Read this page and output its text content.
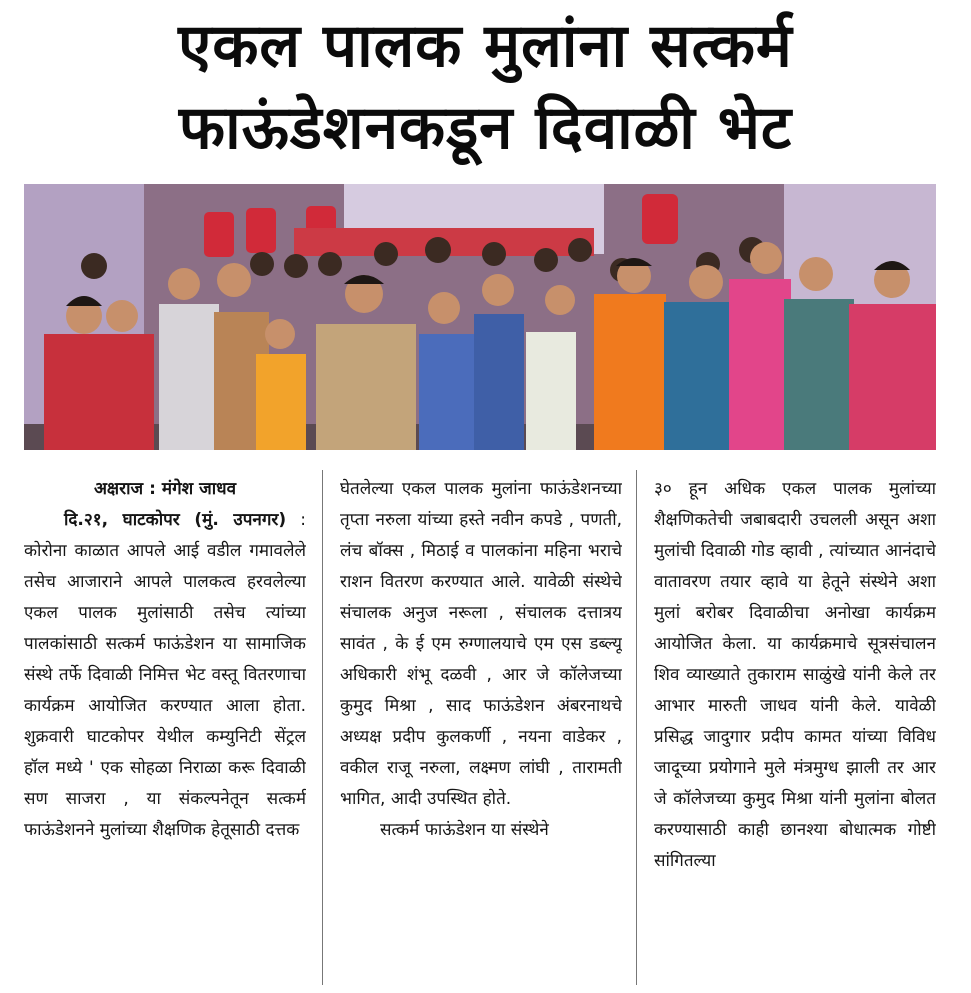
एकल पालक मुलांना सत्कर्म
फाऊंडेशनकडून दिवाळी भेट
अक्षराज : मंगेश जाधव
दि.२१, घाटकोपर (मुं. उपनगर) : कोरोना काळात आपले आई वडील गमावलेले तसेच आजाराने आपले पालकत्व हरवलेल्या एकल पालक मुलांसाठी तसेच त्यांच्या पालकांसाठी सत्कर्म फाऊंडेशन या सामाजिक संस्थे तर्फे दिवाळी निमित्त भेट वस्तू वितरणाचा कार्यक्रम आयोजित करण्यात आला होता. शुक्रवारी घाटकोपर येथील कम्युनिटी सेंट्रल हॉल मध्ये ' एक सोहळा निराळा करू दिवाळी सण साजरा , या संकल्पनेतून सत्कर्म फाऊंडेशनने मुलांच्या शैक्षणिक हेतूसाठी दत्तक
घेतलेल्या एकल पालक मुलांना फाऊंडेशनच्या तृप्ता नरुला यांच्या हस्ते नवीन कपडे , पणती, लंच बॉक्स , मिठाई व पालकांना महिना भराचे राशन वितरण करण्यात आले. यावेळी संस्थेचे संचालक अनुज नरूला , संचालक दत्तात्रय सावंत , के ई एम रुग्णालयाचे एम एस डब्ल्यू अधिकारी शंभू दळवी , आर जे कॉलेजच्या कुमुद मिश्रा , साद फाऊंडेशन अंबरनाथचे अध्यक्ष प्रदीप कुलकर्णी , नयना वाडेकर , वकील राजू नरुला, लक्ष्मण लांघी , तारामती भागित, आदी उपस्थित होते.
सत्कर्म फाऊंडेशन या संस्थेने
३० हून अधिक एकल पालक मुलांच्या शैक्षणिकतेची जबाबदारी उचलली असून अशा मुलांची दिवाळी गोड व्हावी , त्यांच्यात आनंदाचे वातावरण तयार व्हावे या हेतूने संस्थेने अशा मुलां बरोबर दिवाळीचा अनोखा कार्यक्रम आयोजित केला. या कार्यक्रमाचे सूत्रसंचालन शिव व्याख्याते तुकाराम साळुंखे यांनी केले तर आभार मारुती जाधव यांनी केले. यावेळी प्रसिद्ध जादुगार प्रदीप कामत यांच्या विविध जादूच्या प्रयोगाने मुले मंत्रमुग्ध झाली तर आर जे कॉलेजच्या कुमुद मिश्रा यांनी मुलांना बोलत करण्यासाठी काही छानश्या बोधात्मक गोष्टी सांगितल्या
